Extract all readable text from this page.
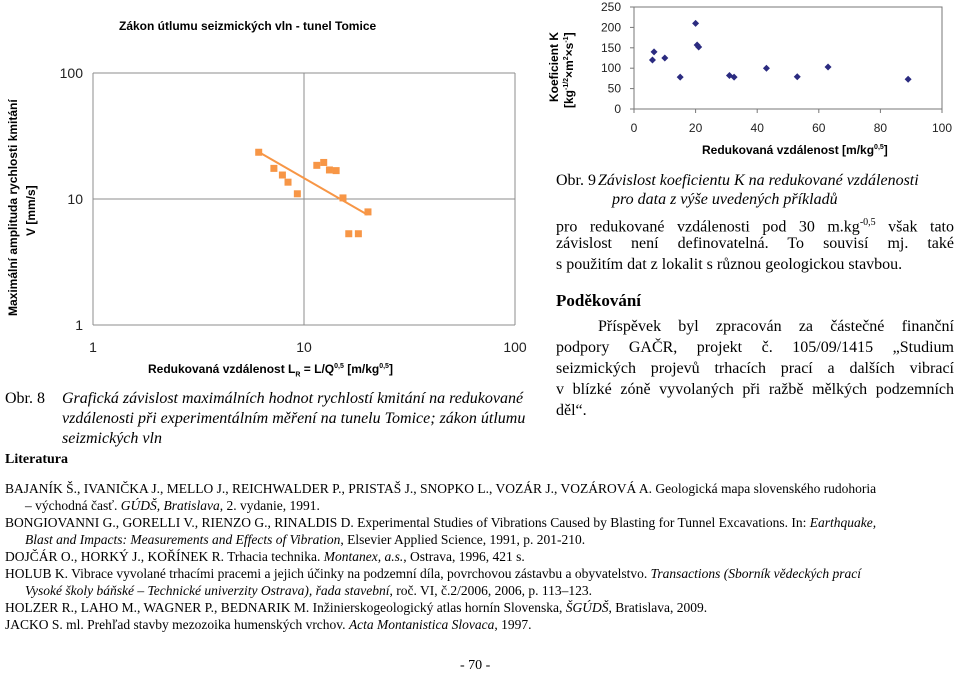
Zákon útlumu seizmických vln - tunel Tomice
Maximální amplituda rychlosti kmitání V [mm/s]
1
10
100
1	10	100
Redukovaná vzdálenost $L_R = L/Q^{0,5}$ [m/kg$^{0,5}$]
Obr. 8 Grafická závislost maximálních hodnot rychlostí kmitání na redukované
vzdálenosti při experimentálním měření na tunelu Tomice; zákon útlumu
seizmických vln
Koeficient K $[kg^{-1/2}\times m^2\times s^{-1}]$
0
50
100
150
200
250
0	20	40	60	80	100
Redukovaná vzdálenost [m/kg$^{0,5}$]
Obr. 9 Závislost koeficientu K na redukované vzdálenosti
pro data z výše uvedených příkladů
pro redukované vzdálenosti pod 30 $m.kg^{-0,5}$ však tato
závislost není definovatelná. To souvisí mj. také
s použitím dat z lokalit s různou geologickou stavbou.
Poděkování
Příspěvek byl zpracován za částečné finanční
podpory GAČR, projekt č. 105/09/1415 „Studium
seizmických projevů trhacích prací a dalších vibrací
v blízké zóně vyvolaných při ražbě mělkých podzemních
děl“.
Literatura
BAJANÍK Š., IVANIČKA J., MELLO J., REICHWALDER P., PRISTAŠ J., SNOPKO L., VOZÁR J., VOZÁROVÁ A. Geologická mapa slovenského rudohoria
– východná časť. GÚDŠ, Bratislava, 2. vydanie, 1991.
BONGIOVANNI G., GORELLI V., RIENZO G., RINALDIS D. Experimental Studies of Vibrations Caused by Blasting for Tunnel Excavations. In: Earthquake,
Blast and Impacts: Measurements and Effects of Vibration, Elsevier Applied Science, 1991, p. 201-210.
DOJČÁR O., HORKÝ J., KOŘÍNEK R. Trhacia technika. Montanex, a.s., Ostrava, 1996, 421 s.
HOLUB K. Vibrace vyvolané trhacími pracemi a jejich účinky na podzemní díla, povrchovou zástavbu a obyvatelstvo. Transactions (Sborník vědeckých prací
Vysoké školy báňské – Technické univerzity Ostrava), řada stavební, roč. VI, č.2/2006, 2006, p. 113–123.
HOLZER R., LAHO M., WAGNER P., BEDNARIK M. Inžinierskogeologický atlas hornín Slovenska, ŠGÚDŠ, Bratislava, 2009.
JACKO S. ml. Prehľad stavby mezozoika humenských vrchov. Acta Montanistica Slovaca, 1997.
- 70 -
